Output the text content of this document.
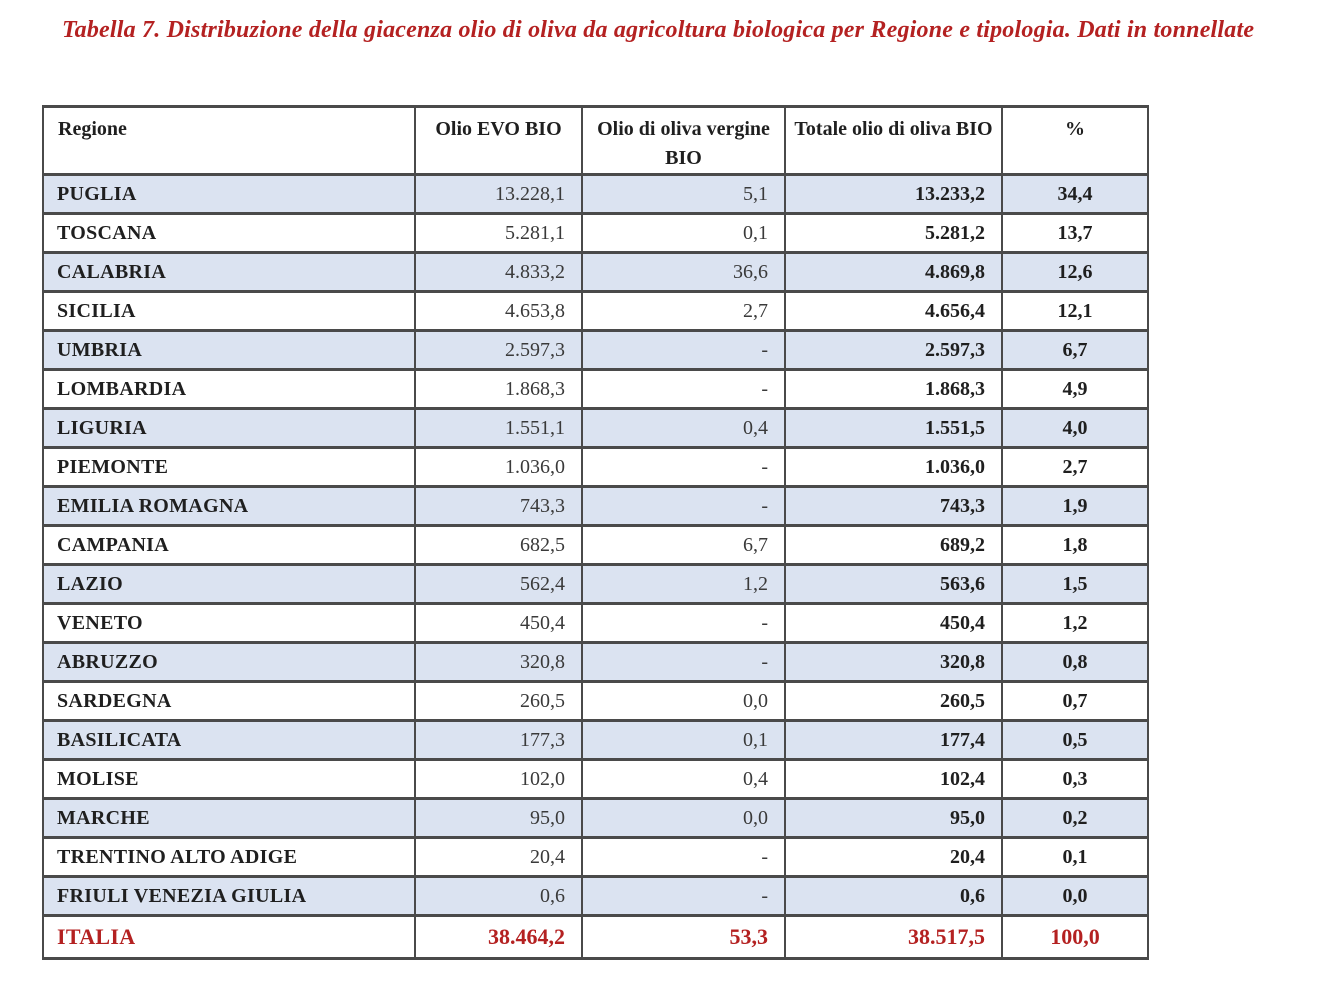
Tabella 7. Distribuzione della giacenza olio di oliva da agricoltura biologica per Regione e tipologia. Dati in tonnellate
Regione	Olio EVO BIO	Olio di oliva vergine BIO	Totale olio di oliva BIO	%
PUGLIA	13.228,1	5,1	13.233,2	34,4
TOSCANA	5.281,1	0,1	5.281,2	13,7
CALABRIA	4.833,2	36,6	4.869,8	12,6
SICILIA	4.653,8	2,7	4.656,4	12,1
UMBRIA	2.597,3	-	2.597,3	6,7
LOMBARDIA	1.868,3	-	1.868,3	4,9
LIGURIA	1.551,1	0,4	1.551,5	4,0
PIEMONTE	1.036,0	-	1.036,0	2,7
EMILIA ROMAGNA	743,3	-	743,3	1,9
CAMPANIA	682,5	6,7	689,2	1,8
LAZIO	562,4	1,2	563,6	1,5
VENETO	450,4	-	450,4	1,2
ABRUZZO	320,8	-	320,8	0,8
SARDEGNA	260,5	0,0	260,5	0,7
BASILICATA	177,3	0,1	177,4	0,5
MOLISE	102,0	0,4	102,4	0,3
MARCHE	95,0	0,0	95,0	0,2
TRENTINO ALTO ADIGE	20,4	-	20,4	0,1
FRIULI VENEZIA GIULIA	0,6	-	0,6	0,0
ITALIA	38.464,2	53,3	38.517,5	100,0
